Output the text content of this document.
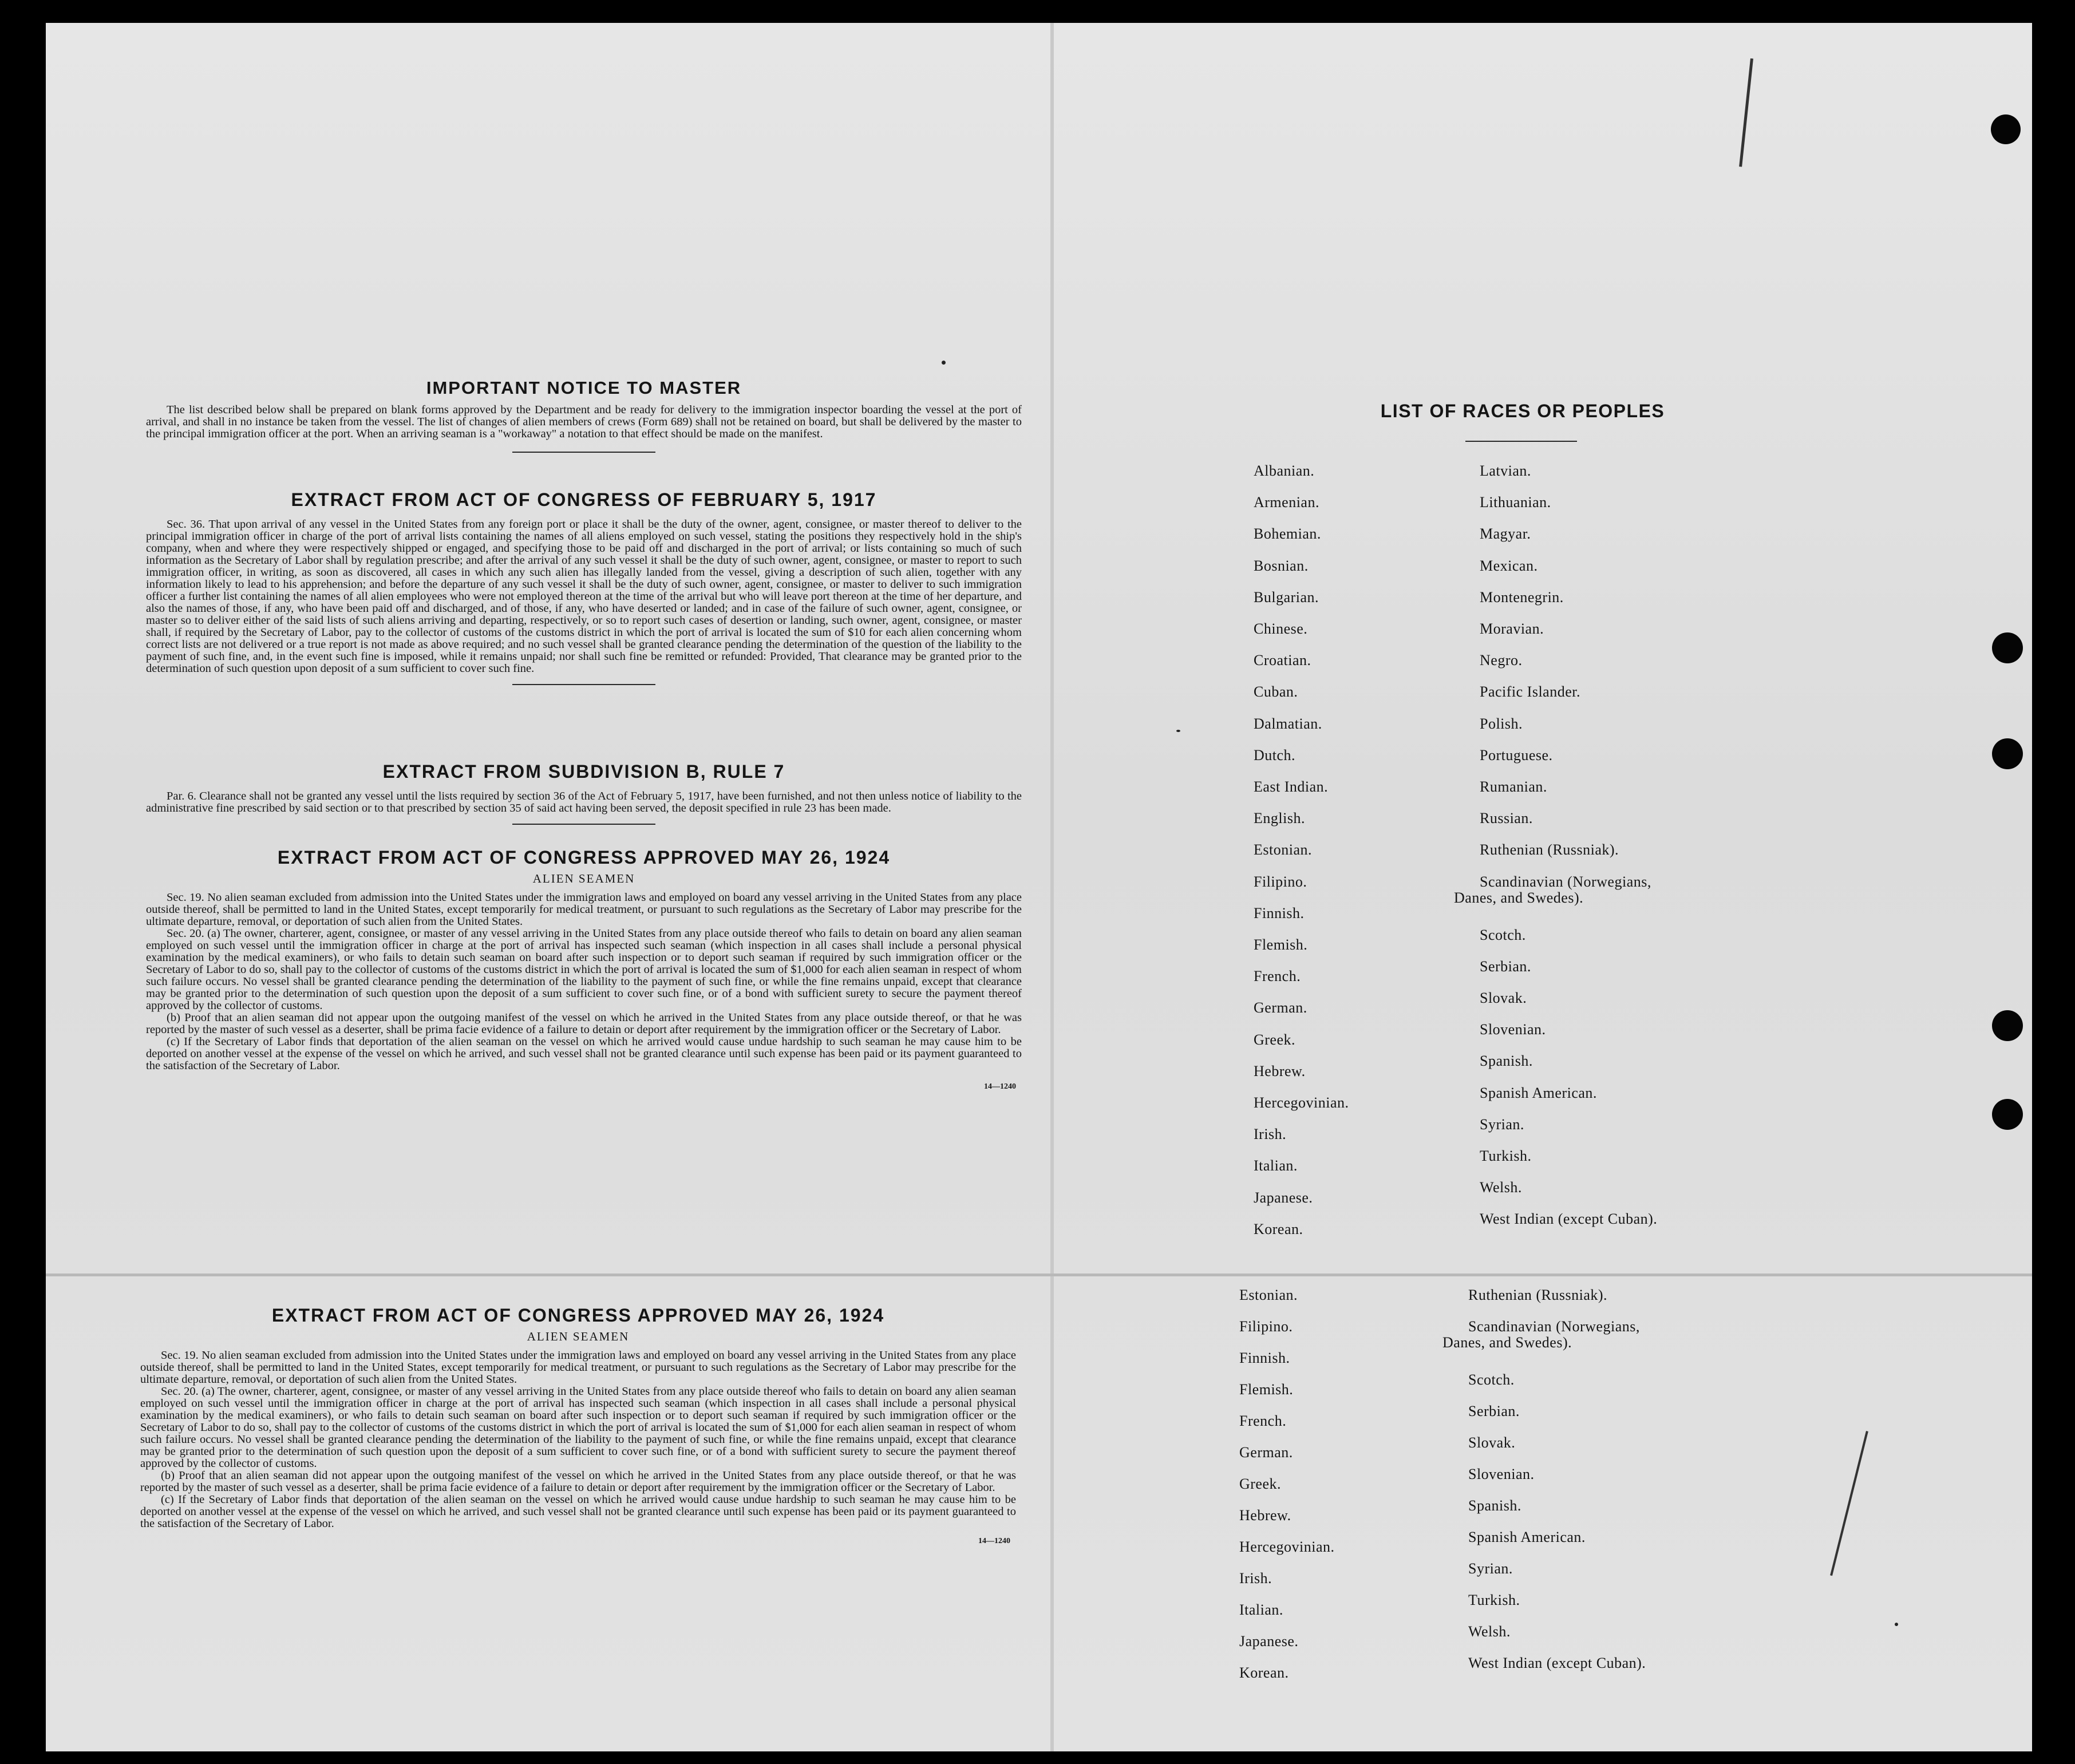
IMPORTANT NOTICE TO MASTER

The list described below shall be prepared on blank forms approved by the Department and be ready for delivery to the immigration inspector boarding the vessel at the port of arrival, and shall in no instance be taken from the vessel. The list of changes of alien members of crews (Form 689) shall not be retained on board, but shall be delivered by the master to the principal immigration officer at the port. When an arriving seaman is a "workaway" a notation to that effect should be made on the manifest.

EXTRACT FROM ACT OF CONGRESS OF FEBRUARY 5, 1917

Sec. 36. That upon arrival of any vessel in the United States from any foreign port or place it shall be the duty of the owner, agent, consignee, or master thereof to deliver to the principal immigration officer in charge of the port of arrival lists containing the names of all aliens employed on such vessel, stating the positions they respectively hold in the ship's company, when and where they were respectively shipped or engaged, and specifying those to be paid off and discharged in the port of arrival; or lists containing so much of such information as the Secretary of Labor shall by regulation prescribe; and after the arrival of any such vessel it shall be the duty of such owner, agent, consignee, or master to report to such immigration officer, in writing, as soon as discovered, all cases in which any such alien has illegally landed from the vessel, giving a description of such alien, together with any information likely to lead to his apprehension; and before the departure of any such vessel it shall be the duty of such owner, agent, consignee, or master to deliver to such immigration officer a further list containing the names of all alien employees who were not employed thereon at the time of the arrival but who will leave port thereon at the time of her departure, and also the names of those, if any, who have been paid off and discharged, and of those, if any, who have deserted or landed; and in case of the failure of such owner, agent, consignee, or master so to deliver either of the said lists of such aliens arriving and departing, respectively, or so to report such cases of desertion or landing, such owner, agent, consignee, or master shall, if required by the Secretary of Labor, pay to the collector of customs of the customs district in which the port of arrival is located the sum of $10 for each alien concerning whom correct lists are not delivered or a true report is not made as above required; and no such vessel shall be granted clearance pending the determination of the question of the liability to the payment of such fine, and, in the event such fine is imposed, while it remains unpaid; nor shall such fine be remitted or refunded: Provided, That clearance may be granted prior to the determination of such question upon deposit of a sum sufficient to cover such fine.

EXTRACT FROM SUBDIVISION B, RULE 7

Par. 6. Clearance shall not be granted any vessel until the lists required by section 36 of the Act of February 5, 1917, have been furnished, and not then unless notice of liability to the administrative fine prescribed by said section or to that prescribed by section 35 of said act having been served, the deposit specified in rule 23 has been made.

EXTRACT FROM ACT OF CONGRESS APPROVED MAY 26, 1924
ALIEN SEAMEN

Sec. 19. No alien seaman excluded from admission into the United States under the immigration laws and employed on board any vessel arriving in the United States from any place outside thereof, shall be permitted to land in the United States, except temporarily for medical treatment, or pursuant to such regulations as the Secretary of Labor may prescribe for the ultimate departure, removal, or deportation of such alien from the United States.

Sec. 20. (a) The owner, charterer, agent, consignee, or master of any vessel arriving in the United States from any place outside thereof who fails to detain on board any alien seaman employed on such vessel until the immigration officer in charge at the port of arrival has inspected such seaman (which inspection in all cases shall include a personal physical examination by the medical examiners), or who fails to detain such seaman on board after such inspection or to deport such seaman if required by such immigration officer or the Secretary of Labor to do so, shall pay to the collector of customs of the customs district in which the port of arrival is located the sum of $1,000 for each alien seaman in respect of whom such failure occurs. No vessel shall be granted clearance pending the determination of the liability to the payment of such fine, or while the fine remains unpaid, except that clearance may be granted prior to the determination of such question upon the deposit of a sum sufficient to cover such fine, or of a bond with sufficient surety to secure the payment thereof approved by the collector of customs.

(b) Proof that an alien seaman did not appear upon the outgoing manifest of the vessel on which he arrived in the United States from any place outside thereof, or that he was reported by the master of such vessel as a deserter, shall be prima facie evidence of a failure to detain or deport after requirement by the immigration officer or the Secretary of Labor.

(c) If the Secretary of Labor finds that deportation of the alien seaman on the vessel on which he arrived would cause undue hardship to such seaman he may cause him to be deported on another vessel at the expense of the vessel on which he arrived, and such vessel shall not be granted clearance until such expense has been paid or its payment guaranteed to the satisfaction of the Secretary of Labor.

14—1240
EXTRACT FROM ACT OF CONGRESS APPROVED MAY 26, 1924
ALIEN SEAMEN

Sec. 19. No alien seaman excluded from admission into the United States under the immigration laws and employed on board any vessel arriving in the United States from any place outside thereof, shall be permitted to land in the United States, except temporarily for medical treatment, or pursuant to such regulations as the Secretary of Labor may prescribe for the ultimate departure, removal, or deportation of such alien from the United States.

Sec. 20. (a) The owner, charterer, agent, consignee, or master of any vessel arriving in the United States from any place outside thereof who fails to detain on board any alien seaman employed on such vessel until the immigration officer in charge at the port of arrival has inspected such seaman (which inspection in all cases shall include a personal physical examination by the medical examiners), or who fails to detain such seaman on board after such inspection or to deport such seaman if required by such immigration officer or the Secretary of Labor to do so, shall pay to the collector of customs of the customs district in which the port of arrival is located the sum of $1,000 for each alien seaman in respect of whom such failure occurs. No vessel shall be granted clearance pending the determination of the liability to the payment of such fine, or while the fine remains unpaid, except that clearance may be granted prior to the determination of such question upon the deposit of a sum sufficient to cover such fine, or of a bond with sufficient surety to secure the payment thereof approved by the collector of customs.

(b) Proof that an alien seaman did not appear upon the outgoing manifest of the vessel on which he arrived in the United States from any place outside thereof, or that he was reported by the master of such vessel as a deserter, shall be prima facie evidence of a failure to detain or deport after requirement by the immigration officer or the Secretary of Labor.

(c) If the Secretary of Labor finds that deportation of the alien seaman on the vessel on which he arrived would cause undue hardship to such seaman he may cause him to be deported on another vessel at the expense of the vessel on which he arrived, and such vessel shall not be granted clearance until such expense has been paid or its payment guaranteed to the satisfaction of the Secretary of Labor.

14—1240
LIST OF RACES OR PEOPLES
Albanian.
Armenian.
Bohemian.
Bosnian.
Bulgarian.
Chinese.
Croatian.
Cuban.
Dalmatian.
Dutch.
East Indian.
English.
Estonian.
Filipino.
Finnish.
Flemish.
French.
German.
Greek.
Hebrew.
Hercegovinian.
Irish.
Italian.
Japanese.
Korean.
Latvian.
Lithuanian.
Magyar.
Mexican.
Montenegrin.
Moravian.
Negro.
Pacific Islander.
Polish.
Portuguese.
Rumanian.
Russian.
Ruthenian (Russniak).
Scandinavian (Norwegians,
Danes, and Swedes).
Scotch.
Serbian.
Slovak.
Slovenian.
Spanish.
Spanish American.
Syrian.
Turkish.
Welsh.
West Indian (except Cuban).
Estonian.
Filipino.
Finnish.
Flemish.
French.
German.
Greek.
Hebrew.
Hercegovinian.
Irish.
Italian.
Japanese.
Korean.
Ruthenian (Russniak).
Scandinavian (Norwegians,
Danes, and Swedes).
Scotch.
Serbian.
Slovak.
Slovenian.
Spanish.
Spanish American.
Syrian.
Turkish.
Welsh.
West Indian (except Cuban).
